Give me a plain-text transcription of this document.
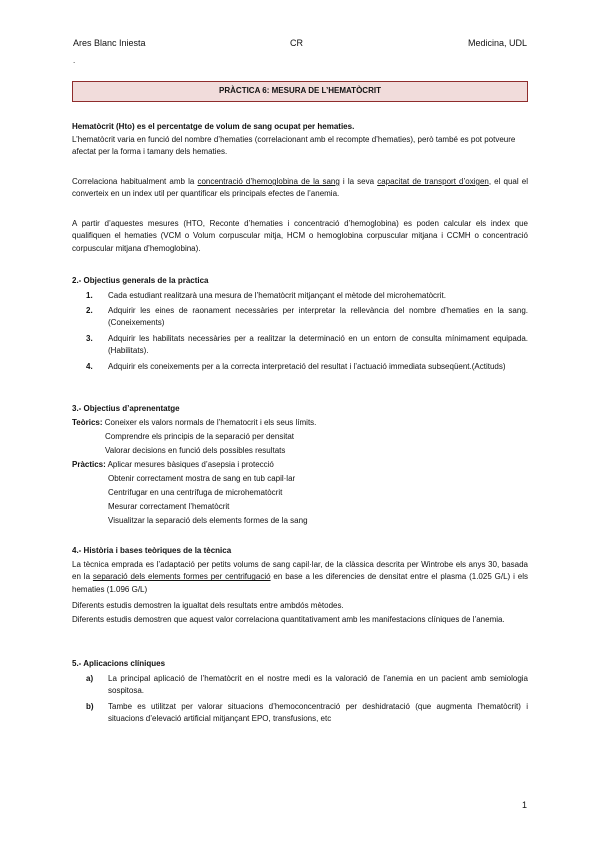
Ares Blanc Iniesta	CR	Medicina, UDL
.
PRÀCTICA 6: MESURA DE L’HEMATÒCRIT
Hematòcrit (Hto) es el percentatge de volum de sang ocupat per hematies.
L’hematòcrit varia en funció del nombre d’hematies (correlacionant amb el recompte d’hematies), però també es pot potveure afectat per la forma i tamany dels hematies.
Correlaciona habitualment amb la concentració d’hemoglobina de la sang i la seva capacitat de transport d’oxigen, el qual el converteix en un index util per quantificar els principals efectes de l’anemia.
A partir d’aquestes mesures (HTO, Reconte d’hematies i concentració d’hemoglobina) es poden calcular els index que qualifiquen el hematies (VCM o Volum corpuscular mitja, HCM o hemoglobina corpuscular mitjana i CCMH o concentració corpuscular mitjana d’hemoglobina).
2.- Objectius generals de la pràctica
1.	Cada estudiant realitzarà una mesura de l’hematòcrit mitjançant el mètode del microhematòcrit.
2.	Adquirir les eines de raonament necessàries per interpretar la rellevància del nombre d’hematies en la sang.(Coneixements)
3.	Adquirir les habilitats necessàries per a realitzar la determinació en un entorn de consulta mínimament equipada.(Habilitats).
4.	Adquirir els coneixements per a la correcta interpretació del resultat i l’actuació immediata subseqüent.(Actituds)
3.- Objectius d’aprenentatge
Teòrics: Coneixer els valors normals de l’hematocrit i els seus límits.
Comprendre els principis de la separació per densitat
Valorar decisions en funció dels possibles resultats
Pràctics: Aplicar mesures bàsiques d’asepsia i protecció
Obtenir correctament mostra de sang en tub capil·lar
Centrifugar en una centrífuga de microhematòcrit
Mesurar correctament l’hematòcrit
Visualitzar la separació dels elements formes de la sang
4.- Història i bases teòriques de la tècnica
La tècnica emprada es l’adaptació per petits volums de sang capil·lar, de la clàssica descrita per Wintrobe els anys 30, basada en la separació dels elements formes per centrifugació en base a les diferencies de densitat entre el plasma (1.025 G/L) i els hematies (1.096 G/L)
Diferents estudis demostren la igualtat dels resultats entre ambdós mètodes.
Diferents estudis demostren que aquest valor correlaciona quantitativament amb les manifestacions clíniques de l’anemia.
5.- Aplicacions clíniques
a)	La principal aplicació de l’hematòcrit en el nostre medi es la valoració de l’anemia en un pacient amb semiologia sospitosa.
b)	Tambe es utilitzat per valorar situacions d’hemoconcentració per deshidratació (que augmenta l’hematòcrit) i situacions d’elevació artificial mitjançant EPO, transfusions, etc
1
